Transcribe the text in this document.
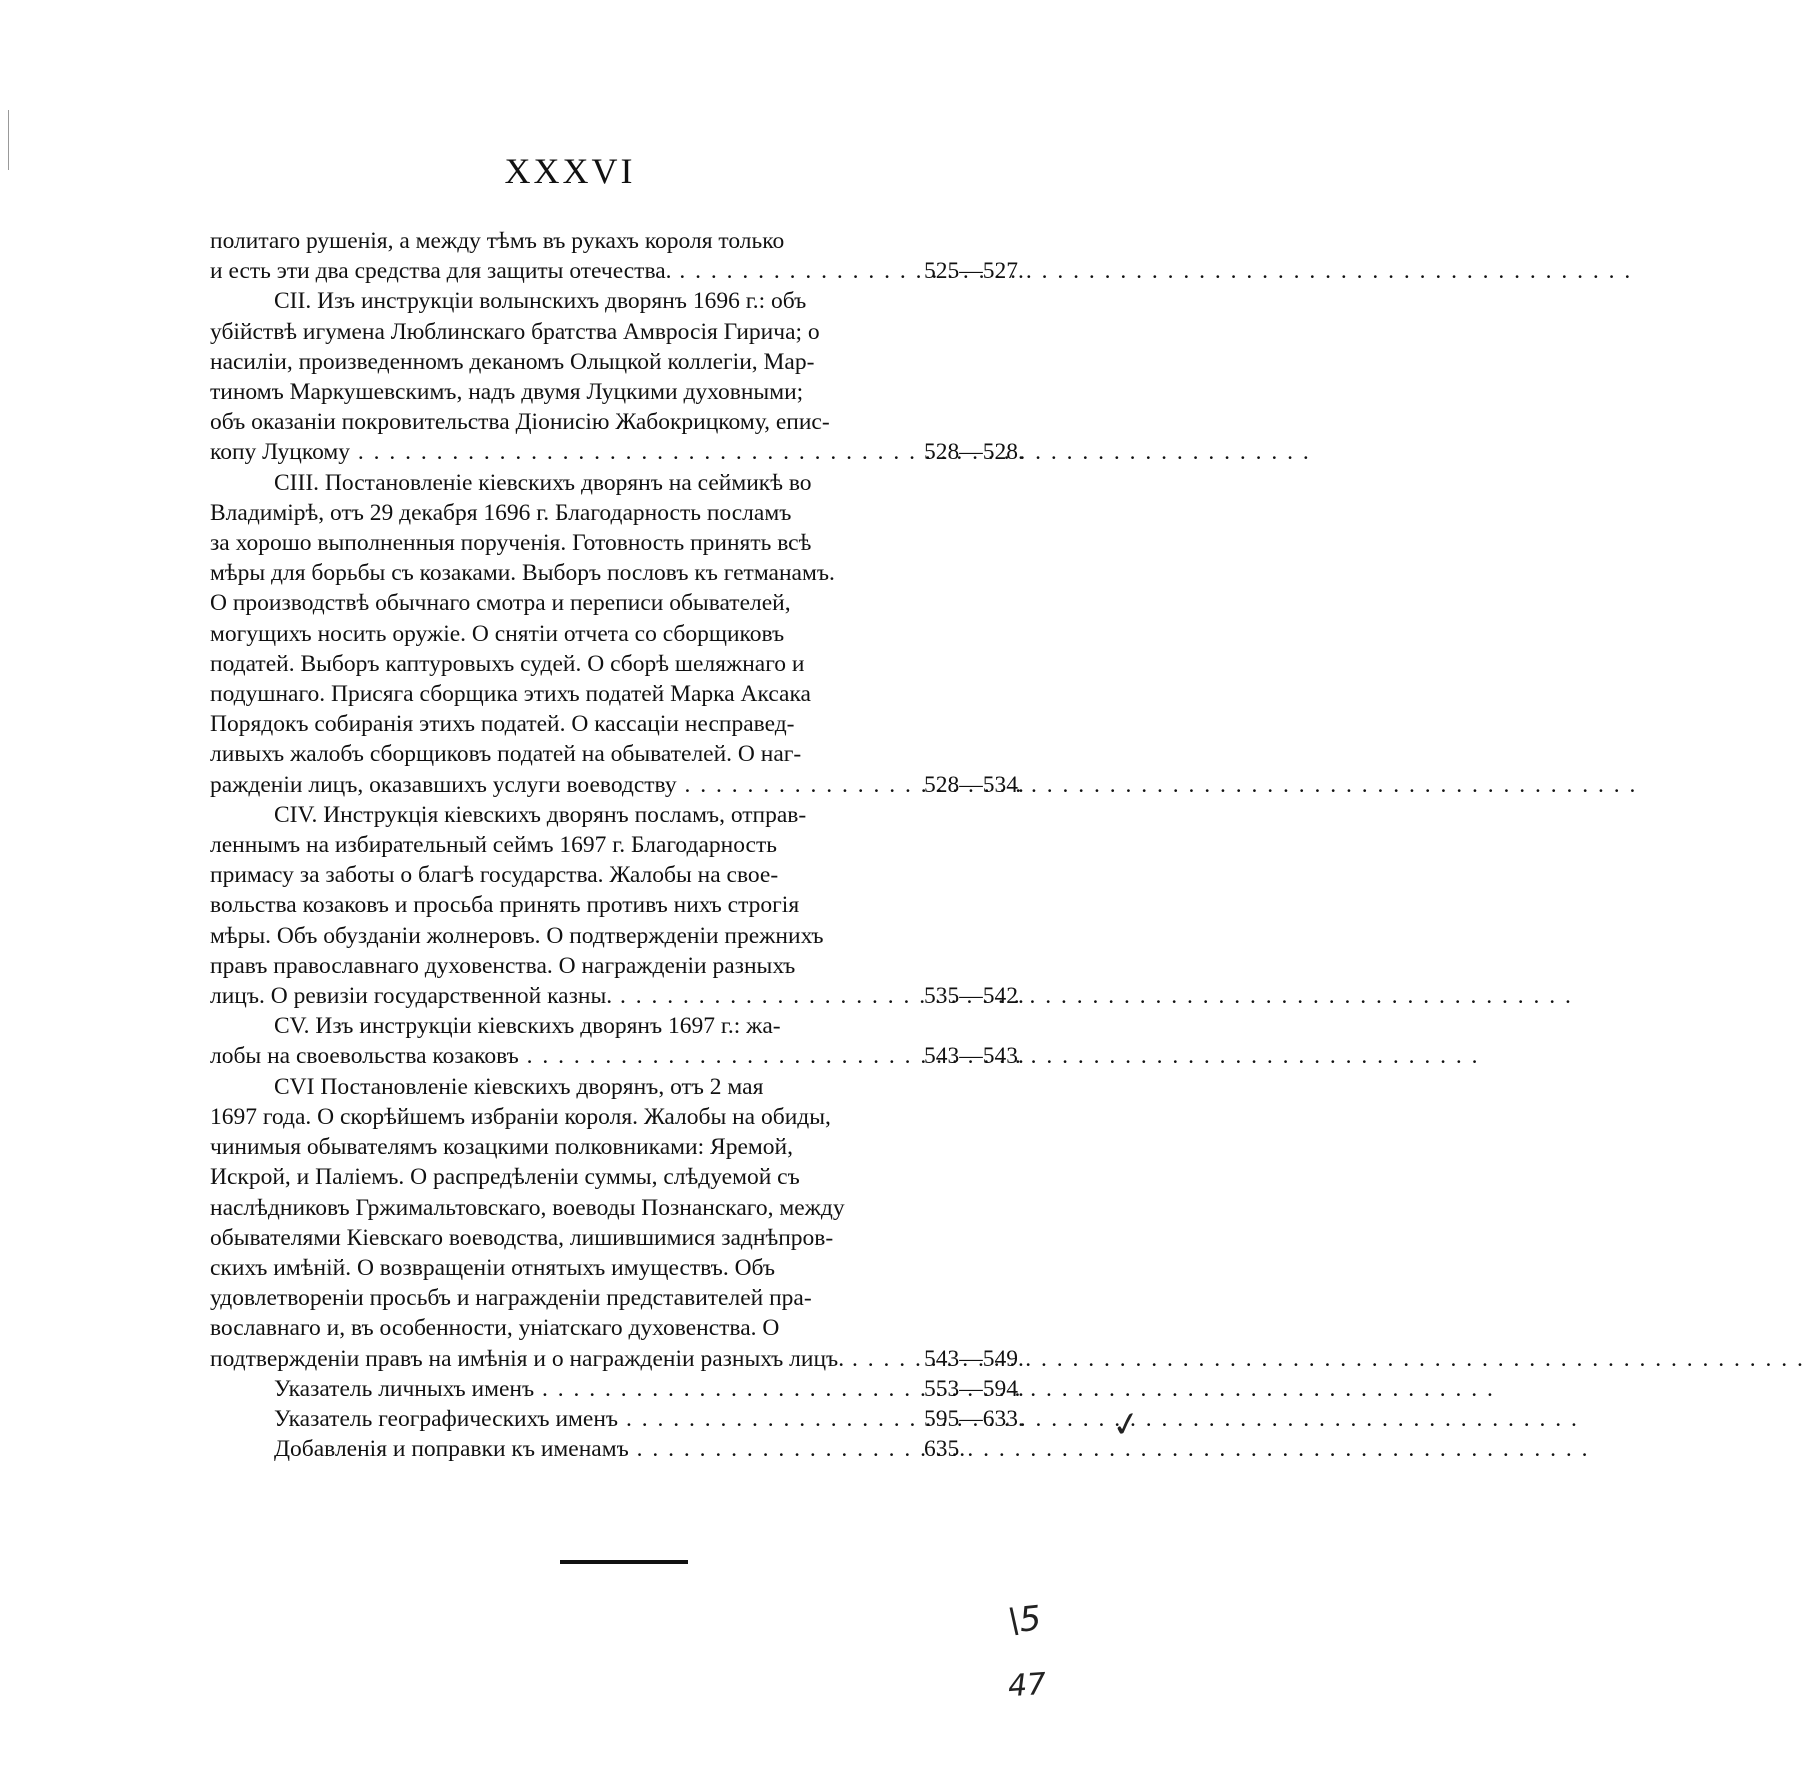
XXXVI
политаго рушенія, а между тѣмъ въ рукахъ короля только
и есть эти два средства для защиты отечества. . . .	525—527.
CII. Изъ инструкціи волынскихъ дворянъ 1696 г.: объ
убійствѣ игумена Люблинскаго братства Амвросія Гирича; о
насиліи, произведенномъ деканомъ Олыцкой коллегіи, Мар-
тиномъ Маркушевскимъ, надъ двумя Луцкими духовными;
объ оказаніи покровительства Діонисію Жабокрицкому, епис-
копу Луцкому . . .	528—528.
CIII. Постановленіе кіевскихъ дворянъ на сеймикѣ во
Владимірѣ, отъ 29 декабря 1696 г. Благодарность посламъ
за хорошо выполненныя порученія. Готовность принять всѣ
мѣры для борьбы съ козаками. Выборъ пословъ къ гетманамъ.
О производствѣ обычнаго смотра и переписи обывателей,
могущихъ носить оружіе. О снятіи отчета со сборщиковъ
податей. Выборъ каптуровыхъ судей. О сборѣ шеляжнаго и
подушнаго. Присяга сборщика этихъ податей Марка Аксака
Порядокъ собиранія этихъ податей. О кассаціи несправед-
ливыхъ жалобъ сборщиковъ податей на обывателей. О наг-
ражденіи лицъ, оказавшихъ услуги воеводству . . .	528—534.
CIV. Инструкція кіевскихъ дворянъ посламъ, отправ-
леннымъ на избирательный сеймъ 1697 г. Благодарность
примасу за заботы о благѣ государства. Жалобы на свое-
вольства козаковъ и просьба принять противъ нихъ строгія
мѣры. Объ обузданіи жолнеровъ. О подтвержденіи прежнихъ
правъ православнаго духовенства. О награжденіи разныхъ
лицъ. О ревизіи государственной казны. . . .	535—542.
CV. Изъ инструкціи кіевскихъ дворянъ 1697 г.: жа-
лобы на своевольства козаковъ . . .	543—543.
CVI Постановленіе кіевскихъ дворянъ, отъ 2 мая
1697 года. О скорѣйшемъ избраніи короля. Жалобы на обиды,
чинимыя обывателямъ козацкими полковниками: Яремой,
Искрой, и Паліемъ. О распредѣленіи суммы, слѣдуемой съ
наслѣдниковъ Гржимальтовскаго, воеводы Познанскаго, между
обывателями Кіевскаго воеводства, лишившимися заднѣпров-
скихъ имѣній. О возвращеніи отнятыхъ имуществъ. Объ
удовлетвореніи просьбъ и награжденіи представителей пра-
вославнаго и, въ особенности, уніатскаго духовенства. О
подтвержденіи правъ на имѣнія и о награжденіи разныхъ лицъ. . . .	543—549.
Указатель личныхъ именъ . . .	553—594.
Указатель географическихъ именъ . . .	595—633.
Добавленія и поправки къ именамъ . . .	635.
✓
\5
47
